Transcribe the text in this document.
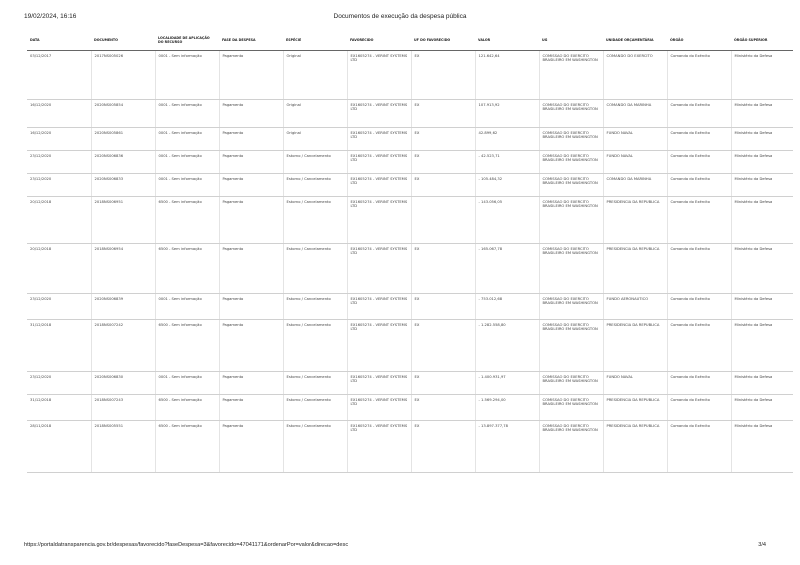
19/02/2024, 16:16	Documentos de execução da despesa pública
DATA	DOCUMENTO	LOCALIDADE DE APLICAÇÃO DO RECURSO	FASE DA DESPESA	ESPÉCIE	FAVORECIDO	UF DO FAVORECIDO	VALOR	UG	UNIDADE ORÇAMENTÁRIA	ÓRGÃO	ÓRGÃO SUPERIOR
03/12/2017	2017NS005026	0001 - Sem informação	Pagamento	Original	EX1605274 - VERINT SYSTEMS LTD	EX	121.642,64	COMISSAO DO EXERCITO BRASILEIRO EM WASHINGTON	COMANDO DO EXERCITO	Comando do Exército	Ministério da Defesa
16/12/2020	2020NS005854	0001 - Sem informação	Pagamento	Original	EX1605274 - VERINT SYSTEMS LTD	EX	107.913,92	COMISSAO DO EXERCITO BRASILEIRO EM WASHINGTON	COMANDO DA MARINHA	Comando do Exército	Ministério da Defesa
16/12/2020	2020NS005861	0001 - Sem informação	Pagamento	Original	EX1605274 - VERINT SYSTEMS LTD	EX	42.899,62	COMISSAO DO EXERCITO BRASILEIRO EM WASHINGTON	FUNDO NAVAL	Comando do Exército	Ministério da Defesa
23/12/2020	2020NS006836	0001 - Sem informação	Pagamento	Estorno / Cancelamento	EX1605274 - VERINT SYSTEMS LTD	EX	- 42.523,71	COMISSAO DO EXERCITO BRASILEIRO EM WASHINGTON	FUNDO NAVAL	Comando do Exército	Ministério da Defesa
23/12/2020	2020NS006833	0001 - Sem informação	Pagamento	Estorno / Cancelamento	EX1605274 - VERINT SYSTEMS LTD	EX	- 105.484,32	COMISSAO DO EXERCITO BRASILEIRO EM WASHINGTON	COMANDO DA MARINHA	Comando do Exército	Ministério da Defesa
20/12/2018	2018NS006951	6500 - Sem informação	Pagamento	Estorno / Cancelamento	EX1605274 - VERINT SYSTEMS LTD		- 143.056,05	COMISSAO DO EXERCITO BRASILEIRO EM WASHINGTON	PRESIDENCIA DA REPUBLICA	Comando do Exército	Ministério da Defesa
20/12/2018	2018NS006954	6500 - Sem informação	Pagamento	Estorno / Cancelamento	EX1605274 - VERINT SYSTEMS LTD	EX	- 165.067,78	COMISSAO DO EXERCITO BRASILEIRO EM WASHINGTON	PRESIDENCIA DA REPUBLICA	Comando do Exército	Ministério da Defesa
23/12/2020	2020NS006839	0001 - Sem informação	Pagamento	Estorno / Cancelamento	EX1605274 - VERINT SYSTEMS LTD	EX	- 753.012,68	COMISSAO DO EXERCITO BRASILEIRO EM WASHINGTON	FUNDO AERONAUTICO	Comando do Exército	Ministério da Defesa
31/12/2018	2018NS007242	6500 - Sem informação	Pagamento	Estorno / Cancelamento	EX1605274 - VERINT SYSTEMS LTD	EX	- 1.282.558,80	COMISSAO DO EXERCITO BRASILEIRO EM WASHINGTON	PRESIDENCIA DA REPUBLICA	Comando do Exército	Ministério da Defesa
23/12/2020	2020NS006830	0001 - Sem informação	Pagamento	Estorno / Cancelamento	EX1605274 - VERINT SYSTEMS LTD	EX	- 1.400.931,97	COMISSAO DO EXERCITO BRASILEIRO EM WASHINGTON	FUNDO NAVAL	Comando do Exército	Ministério da Defesa
31/12/2018	2018NS007243	6500 - Sem informação	Pagamento	Estorno / Cancelamento	EX1605274 - VERINT SYSTEMS LTD	EX	- 1.569.294,00	COMISSAO DO EXERCITO BRASILEIRO EM WASHINGTON	PRESIDENCIA DA REPUBLICA	Comando do Exército	Ministério da Defesa
28/11/2018	2018NS005551	6500 - Sem informação	Pagamento	Estorno / Cancelamento	EX1605274 - VERINT SYSTEMS LTD	EX	- 13.897.377,78	COMISSAO DO EXERCITO BRASILEIRO EM WASHINGTON	PRESIDENCIA DA REPUBLICA	Comando do Exército	Ministério da Defesa
https://portaldatransparencia.gov.br/despesas/favorecido?faseDespesa=3&favorecido=47041171&ordenarPor=valor&direcao=desc	3/4
